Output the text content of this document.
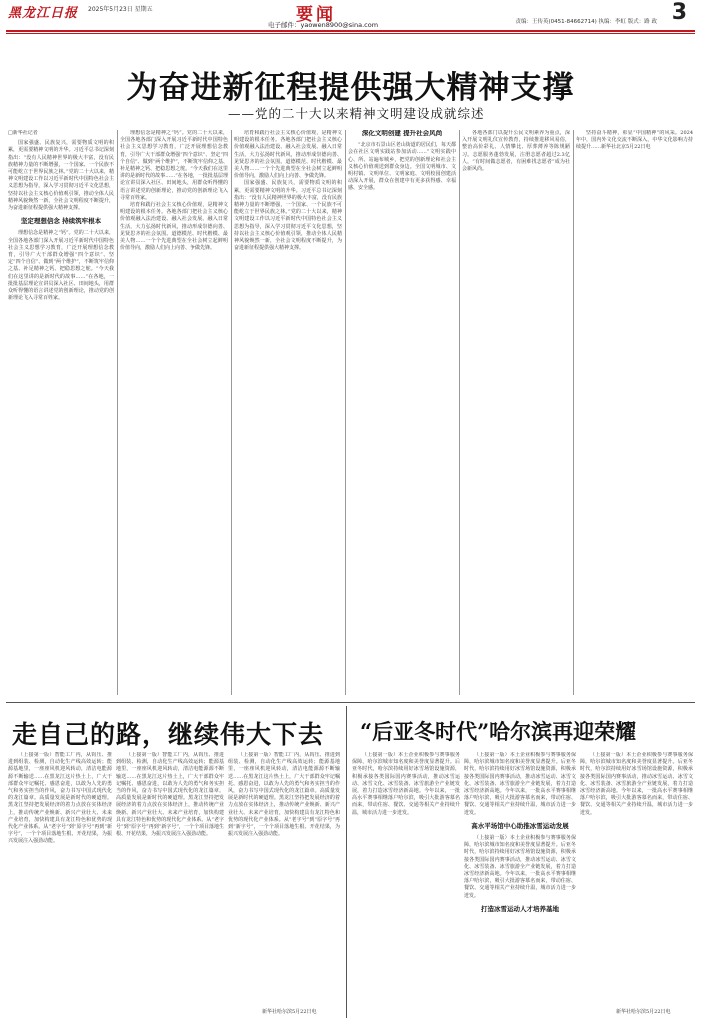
黑龙江日报 2025年5月23日 星期五	要闻
电子邮件：yaowen8900@sina.com	责编：王传英(0451-84662714) 执编：李虹 版式：路 政 3
为奋进新征程提供强大精神支撑
——党的二十大以来精神文明建设成就综述
□新华社记者

国家强盛、民族复兴，需要物质文明的积累，更需要精神文明的升华。习近平总书记深刻指出：“没有人民精神世界的极大丰富，没有民族精神力量的不断增强，一个国家、一个民族不可能屹立于世界民族之林。”党的二十大以来，精神文明建设工作以习近平新时代中国特色社会主义思想为指导，深入学习贯彻习近平文化思想，坚持以社会主义核心价值观引领，推动全体人民精神风貌焕然一新，全社会文明程度不断提升，为奋进新征程提供强大精神支撑。

坚定理想信念 持续筑牢根本

理想信念是精神之“钙”。党的二十大以来，全国各地各部门深入开展习近平新时代中国特色社会主义思想学习教育，广泛开展理想信念教育，引导广大干部群众增强“四个意识”、坚定“四个自信”、做到“两个维护”，不断筑牢信仰之基、补足精神之钙、把稳思想之舵。“今天我们在这里讲的是新时代的故事……”在各地，一批批基层理论宣讲员深入社区、田间地头，用群众听得懂的语言讲述党的创新理论，推动党的创新理论飞入寻常百姓家。

理想信念是精神之“钙”。党的二十大以来，全国各地各部门深入开展习近平新时代中国特色社会主义思想学习教育，广泛开展理想信念教育，引导广大干部群众增强“四个意识”、坚定“四个自信”、做到“两个维护”，不断筑牢信仰之基、补足精神之钙、把稳思想之舵。“今天我们在这里讲的是新时代的故事……”在各地，一批批基层理论宣讲员深入社区、田间地头，用群众听得懂的语言讲述党的创新理论，推动党的创新理论飞入寻常百姓家。

培育和践行社会主义核心价值观，是精神文明建设的根本任务。各地各部门把社会主义核心价值观融入法治建设、融入社会发展、融入日常生活，大力弘扬时代新风，推动形成崇德向善、见贤思齐的社会氛围。道德模范、时代楷模、最美人物……一个个先进典型在全社会树立起鲜明价值导向，激励人们向上向善、争做先锋。

培育和践行社会主义核心价值观，是精神文明建设的根本任务。各地各部门把社会主义核心价值观融入法治建设、融入社会发展、融入日常生活，大力弘扬时代新风，推动形成崇德向善、见贤思齐的社会氛围。道德模范、时代楷模、最美人物……一个个先进典型在全社会树立起鲜明价值导向，激励人们向上向善、争做先锋。

国家强盛、民族复兴，需要物质文明的积累，更需要精神文明的升华。习近平总书记深刻指出：“没有人民精神世界的极大丰富，没有民族精神力量的不断增强，一个国家、一个民族不可能屹立于世界民族之林。”党的二十大以来，精神文明建设工作以习近平新时代中国特色社会主义思想为指导，深入学习贯彻习近平文化思想，坚持以社会主义核心价值观引领，推动全体人民精神风貌焕然一新，全社会文明程度不断提升，为奋进新征程提供强大精神支撑。

深化文明创建 提升社会风尚

“北京市石景山区老山街道的居民们，每天都会在社区文明实践站参加活动……”文明实践中心、所、站遍布城乡，把党的创新理论和社会主义核心价值观送到群众身边。全国文明城市、文明村镇、文明单位、文明家庭、文明校园创建活动深入开展，群众在创建中有更多获得感、幸福感、安全感。

各地各部门以提升公民文明素养为重点，深入开展文明礼仪宣传教育，持续推进移风易俗，整治高价彩礼、人情攀比、厚葬薄养等陈规陋习。志愿服务蓬勃发展，注册志愿者超过2.3亿人，“有时间做志愿者，有困难找志愿者”成为社会新风尚。

坚持奋斗精神，彰显“中国精神”的风采。2024年中，国内外文化交流不断深入，中华文化影响力持续提升……新华社北京5月22日电

走自己的路，继续伟大下去

（上接第一版）智能工厂内，从钩压、推进到组装、检测，自动化生产线高效运转；能源基地里，一座座风机迎风转动，清洁电能源源不断输送……在黑龙江这片热土上，广大干部群众牢记嘱托、感恩奋进，以敢为人先的勇气和务实担当的作风，奋力书写中国式现代化的龙江篇章。高质量发展是新时代的硬道理。黑龙江坚持把发展经济的着力点放在实体经济上，推动传统产业焕新、新兴产业壮大、未来产业培育，加快构建具有龙江特色和优势的现代化产业体系。从“老字号”到“原字号”再到“新字号”，一个个项目落地生根、开花结果，为振兴发展注入强劲动能。

（上接第一版）智能工厂内，从钩压、推进到组装、检测，自动化生产线高效运转；能源基地里，一座座风机迎风转动，清洁电能源源不断输送……在黑龙江这片热土上，广大干部群众牢记嘱托、感恩奋进，以敢为人先的勇气和务实担当的作风，奋力书写中国式现代化的龙江篇章。高质量发展是新时代的硬道理。黑龙江坚持把发展经济的着力点放在实体经济上，推动传统产业焕新、新兴产业壮大、未来产业培育，加快构建具有龙江特色和优势的现代化产业体系。从“老字号”到“原字号”再到“新字号”，一个个项目落地生根、开花结果，为振兴发展注入强劲动能。

（上接第一版）智能工厂内，从钩压、推进到组装、检测，自动化生产线高效运转；能源基地里，一座座风机迎风转动，清洁电能源源不断输送……在黑龙江这片热土上，广大干部群众牢记嘱托、感恩奋进，以敢为人先的勇气和务实担当的作风，奋力书写中国式现代化的龙江篇章。高质量发展是新时代的硬道理。黑龙江坚持把发展经济的着力点放在实体经济上，推动传统产业焕新、新兴产业壮大、未来产业培育，加快构建具有龙江特色和优势的现代化产业体系。从“老字号”到“原字号”再到“新字号”，一个个项目落地生根、开花结果，为振兴发展注入强劲动能。

新华社哈尔滨5月22日电
“后亚冬时代”哈尔滨再迎荣耀

（上接第一版）本土企业积极参与赛事服务保障，哈尔滨城市知名度和美誉度显著提升。后亚冬时代，哈尔滨持续用好冰雪场馆设施资源，积极承接各类国际国内赛事活动，推动冰雪运动、冰雪文化、冰雪装备、冰雪旅游全产业链发展，着力打造冰雪经济新高地。今年以来，一批高水平赛事相继落户哈尔滨，吸引大批游客慕名而来，带动住宿、餐饮、交通等相关产业持续升温，城市活力进一步迸发。

（上接第一版）本土企业积极参与赛事服务保障，哈尔滨城市知名度和美誉度显著提升。后亚冬时代，哈尔滨持续用好冰雪场馆设施资源，积极承接各类国际国内赛事活动，推动冰雪运动、冰雪文化、冰雪装备、冰雪旅游全产业链发展，着力打造冰雪经济新高地。今年以来，一批高水平赛事相继落户哈尔滨，吸引大批游客慕名而来，带动住宿、餐饮、交通等相关产业持续升温，城市活力进一步迸发。

高水平场馆中心助推冰雪运动发展

（上接第一版）本土企业积极参与赛事服务保障，哈尔滨城市知名度和美誉度显著提升。后亚冬时代，哈尔滨持续用好冰雪场馆设施资源，积极承接各类国际国内赛事活动，推动冰雪运动、冰雪文化、冰雪装备、冰雪旅游全产业链发展，着力打造冰雪经济新高地。今年以来，一批高水平赛事相继落户哈尔滨，吸引大批游客慕名而来，带动住宿、餐饮、交通等相关产业持续升温，城市活力进一步迸发。

打造冰雪运动人才培养基地

（上接第一版）本土企业积极参与赛事服务保障，哈尔滨城市知名度和美誉度显著提升。后亚冬时代，哈尔滨持续用好冰雪场馆设施资源，积极承接各类国际国内赛事活动，推动冰雪运动、冰雪文化、冰雪装备、冰雪旅游全产业链发展，着力打造冰雪经济新高地。今年以来，一批高水平赛事相继落户哈尔滨，吸引大批游客慕名而来，带动住宿、餐饮、交通等相关产业持续升温，城市活力进一步迸发。

新华社哈尔滨5月22日电
